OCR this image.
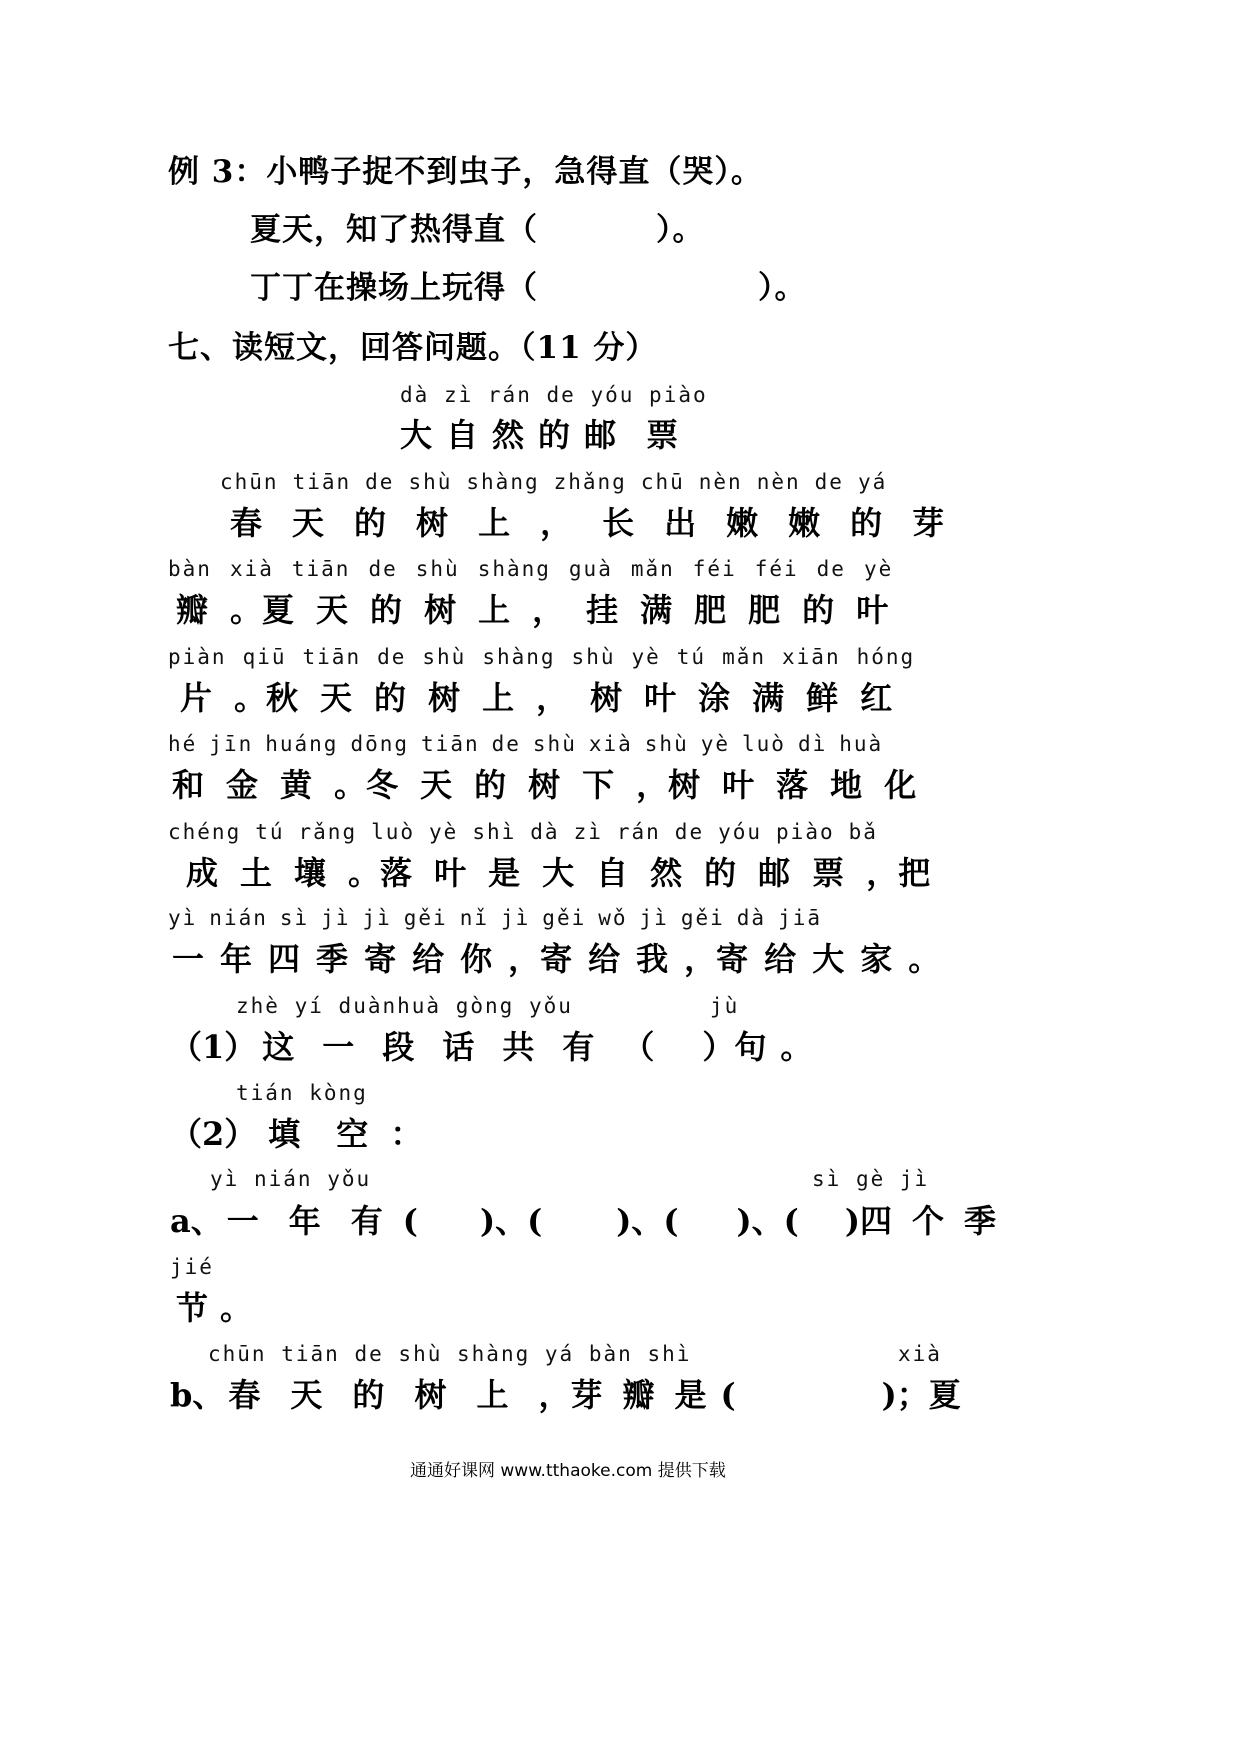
例 3：小鸭子捉不到虫子，急得直（哭）。
夏天，知了热得直（	）。
丁丁在操场上玩得（	）。
七、读短文，回答问题。（11 分）
dà zì rán de yóu piào
大 自 然 的 邮 票
chūn tiān de shù shàng zhǎng chū nèn nèn de yá
春 天 的 树 上 ， 长 出 嫩 嫩 的 芽
bàn xià tiān de shù shàng guà mǎn féi féi de yè
瓣 。夏 天 的 树 上 ， 挂 满 肥 肥 的 叶
piàn qiū tiān de shù shàng shù yè tú mǎn xiān hóng
片 。秋 天 的 树 上 ， 树 叶 涂 满 鲜 红
hé jīn huáng dōng tiān de shù xià shù yè luò dì huà
和 金 黄 。冬 天 的 树 下 ，树 叶 落 地 化
chéng tú rǎng luò yè shì dà zì rán de yóu piào bǎ
成 土 壤 。落 叶 是 大 自 然 的 邮 票 ，把
yì nián sì jì jì gěi nǐ jì gěi wǒ jì gěi dà jiā
一 年 四 季 寄 给 你 ，寄 给 我 ，寄 给 大 家 。
zhè yí duànhuà gòng yǒu	jù
（1） 这 一 段 话 共 有 （ ）句 。
tián kòng
（2） 填 空 ：
yì nián yǒu	sì gè jì
a、 一 年 有 ( )、( )、( )、( )四 个 季
jié
节 。
chūn tiān de shù shàng yá bàn shì	xià
b、 春 天 的 树 上 ，芽 瓣 是 (	)；夏
通通好课网 www.tthaoke.com 提供下载
